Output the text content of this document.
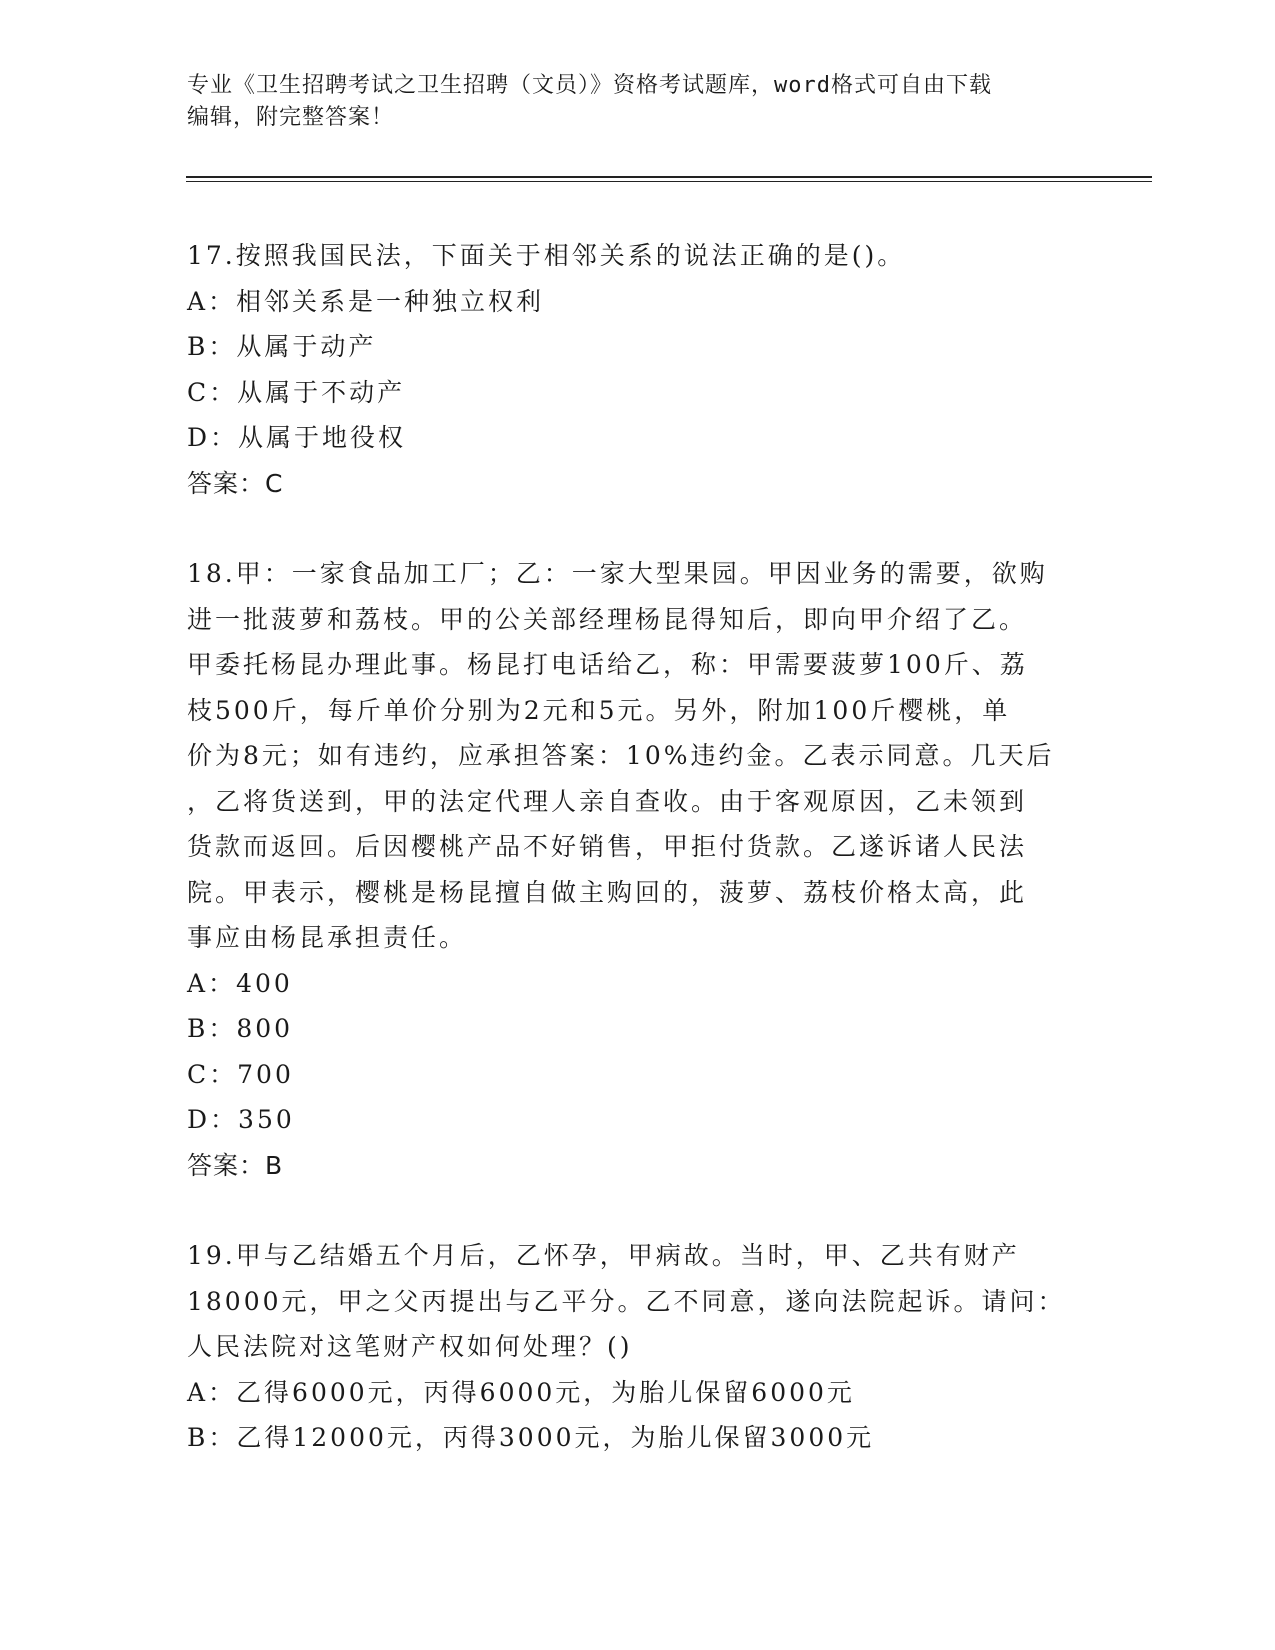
专业《卫生招聘考试之卫生招聘（文员）》资格考试题库，word格式可自由下载

编辑，附完整答案！

17.按照我国民法，下面关于相邻关系的说法正确的是()。

A：相邻关系是一种独立权利

B：从属于动产

C：从属于不动产

D：从属于地役权

答案：C

18.甲：一家食品加工厂；乙：一家大型果园。甲因业务的需要，欲购

进一批菠萝和荔枝。甲的公关部经理杨昆得知后，即向甲介绍了乙。

甲委托杨昆办理此事。杨昆打电话给乙，称：甲需要菠萝100斤、荔

枝500斤，每斤单价分别为2元和5元。另外，附加100斤樱桃，单

价为8元；如有违约，应承担答案：10%违约金。乙表示同意。几天后

，乙将货送到，甲的法定代理人亲自查收。由于客观原因，乙未领到

货款而返回。后因樱桃产品不好销售，甲拒付货款。乙遂诉诸人民法

院。甲表示，樱桃是杨昆擅自做主购回的，菠萝、荔枝价格太高，此

事应由杨昆承担责任。

A：400

B：800

C：700

D：350

答案：B

19.甲与乙结婚五个月后，乙怀孕，甲病故。当时，甲、乙共有财产

18000元，甲之父丙提出与乙平分。乙不同意，遂向法院起诉。请问：

人民法院对这笔财产权如何处理？()

A：乙得6000元，丙得6000元，为胎儿保留6000元

B：乙得12000元，丙得3000元，为胎儿保留3000元
